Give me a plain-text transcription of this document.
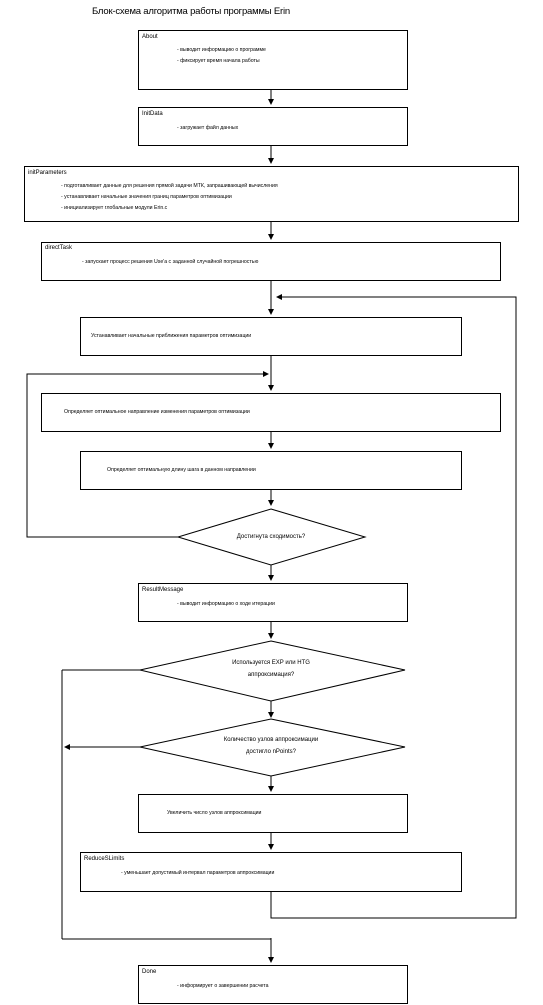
Блок-схема алгоритма работы программы Erin
About
- выводит информацию о программе
- фиксирует время начала работы
InitData
- загружает файл данных
initParameters
- подготавливает данные для решения прямой задачи МТК, запрашивающей вычисления
- устанавливает начальные значения границ параметров оптимизации
- инициализирует глобальные модули Erin.c
directTask
- запускает процесс решения Use'а с заданной случайной погрешностью
Устанавливает начальные приближения параметров оптимизации
Определяет оптимальное направление изменения параметров оптимизации
Определяет оптимальную длину шага в данном направлении
Достигнута сходимость?
ResultMessage
- выводит информацию о ходе итерации
Используется EXP или HTG
аппроксимация?
Количество узлов аппроксимации
достигло nPoints?
Увеличить число узлов аппроксимации
ReduceSLimits
- уменьшает допустимый интервал параметров аппроксимации
Done
- информирует о завершении расчета
